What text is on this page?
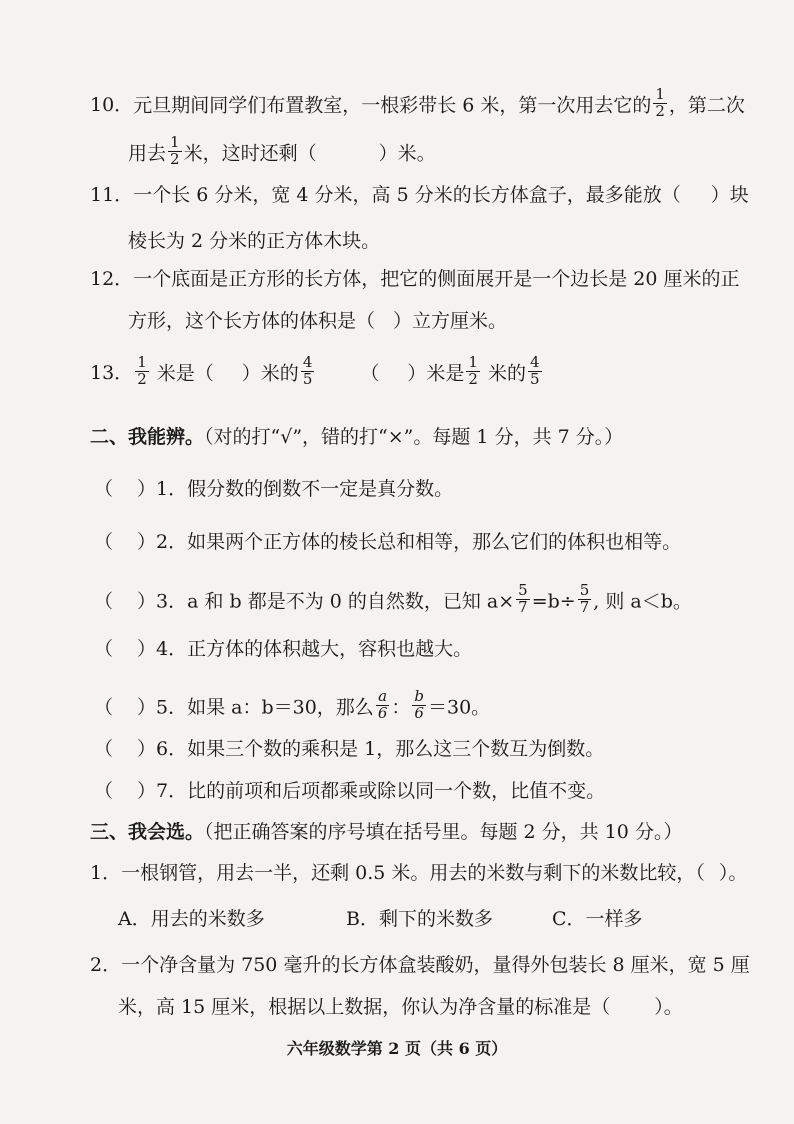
10．元旦期间同学们布置教室，一根彩带长 6 米，第一次用去它的 $\frac{1}{2}$ ，第二次
用去 $\frac{1}{2}$ 米，这时还剩（	）米。
11．一个长 6 分米，宽 4 分米，高 5 分米的长方体盒子，最多能放（ ）块
棱长为 2 分米的正方体木块。
12．一个底面是正方形的长方体，把它的侧面展开是一个边长是 20 厘米的正
方形，这个长方体的体积是（ ）立方厘米。
13． $\frac{1}{2}$ 米是（ ）米的 $\frac{4}{5}$ （ ）米是 $\frac{1}{2}$ 米的 $\frac{4}{5}$
二、我能辨。（对的打“√”，错的打“×”。每题 1 分，共 7 分。）
（ ）1．假分数的倒数不一定是真分数。
（ ）2．如果两个正方体的棱长总和相等，那么它们的体积也相等。
（ ）3．a 和 b 都是不为 0 的自然数，已知 $a\times \frac{5}{7} =b\div \frac{5}{7}$ , 则 a＜b。
（ ）4．正方体的体积越大，容积也越大。
（ ）5．如果 a：b＝30，那么 $\frac{a}{6}$ ： $\frac{b}{6} =30$。
（ ）6．如果三个数的乘积是 1，那么这三个数互为倒数。
（ ）7．比的前项和后项都乘或除以同一个数，比值不变。
三、我会选。（把正确答案的序号填在括号里。每题 2 分，共 10 分。）
1．一根钢管，用去一半，还剩 0.5 米。用去的米数与剩下的米数比较，（ ）。
A．用去的米数多	B．剩下的米数多	C．一样多
2．一个净含量为 750 毫升的长方体盒装酸奶，量得外包装长 8 厘米，宽 5 厘
米，高 15 厘米，根据以上数据，你认为净含量的标准是（ ）。
六年级数学第 2 页（共 6 页）
